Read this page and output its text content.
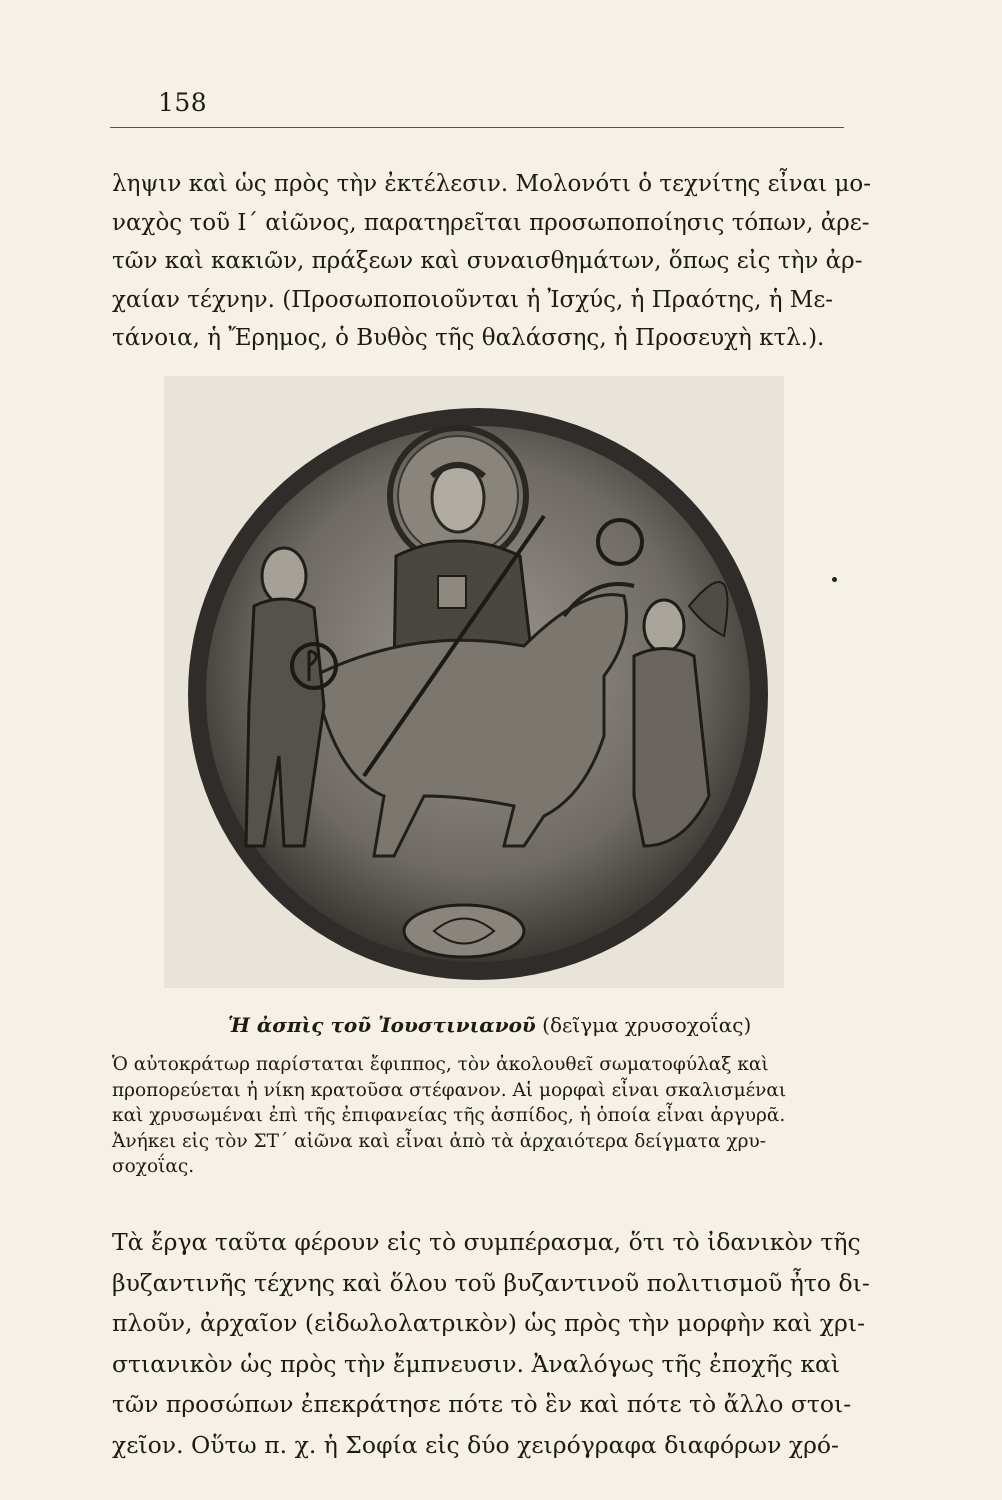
158
ληψιν καὶ ὡς πρὸς τὴν ἐκτέλεσιν. Μολονότι ὁ τεχνίτης εἶναι μο-
ναχὸς τοῦ Ι΄ αἰῶνος, παρατηρεῖται προσωποποίησις τόπων, ἀρε-
τῶν καὶ κακιῶν, πράξεων καὶ συναισθημάτων, ὅπως εἰς τὴν ἀρ-
χαίαν τέχνην. (Προσωποποιοῦνται ἡ Ἰσχύς, ἡ Πραότης, ἡ Με-
τάνοια, ἡ Ἔρημος, ὁ Βυθὸς τῆς θαλάσσης, ἡ Προσευχὴ κτλ.).
Ἡ ἀσπὶς τοῦ Ἰουστινιανοῦ (δεῖγμα χρυσοχοΐας)
Ὁ αὐτοκράτωρ παρίσταται ἔφιππος, τὸν ἀκολουθεῖ σωματοφύλαξ καὶ
προπορεύεται ἡ νίκη κρατοῦσα στέφανον. Αἱ μορφαὶ εἶναι σκαλισμέναι
καὶ χρυσωμέναι ἐπὶ τῆς ἐπιφανείας τῆς ἀσπίδος, ἡ ὁποία εἶναι ἀργυρᾶ.
Ἀνήκει εἰς τὸν ΣΤ΄ αἰῶνα καὶ εἶναι ἀπὸ τὰ ἀρχαιότερα δείγματα χρυ-
σοχοΐας.
Τὰ ἔργα ταῦτα φέρουν εἰς τὸ συμπέρασμα, ὅτι τὸ ἰδανικὸν τῆς
βυζαντινῆς τέχνης καὶ ὅλου τοῦ βυζαντινοῦ πολιτισμοῦ ἦτο δι-
πλοῦν, ἀρχαῖον (εἰδωλολατρικὸν) ὡς πρὸς τὴν μορφὴν καὶ χρι-
στιανικὸν ὡς πρὸς τὴν ἔμπνευσιν. Ἀναλόγως τῆς ἐποχῆς καὶ
τῶν προσώπων ἐπεκράτησε πότε τὸ ἓν καὶ πότε τὸ ἄλλο στοι-
χεῖον. Οὕτω π. χ. ἡ Σοφία εἰς δύο χειρόγραφα διαφόρων χρό-
